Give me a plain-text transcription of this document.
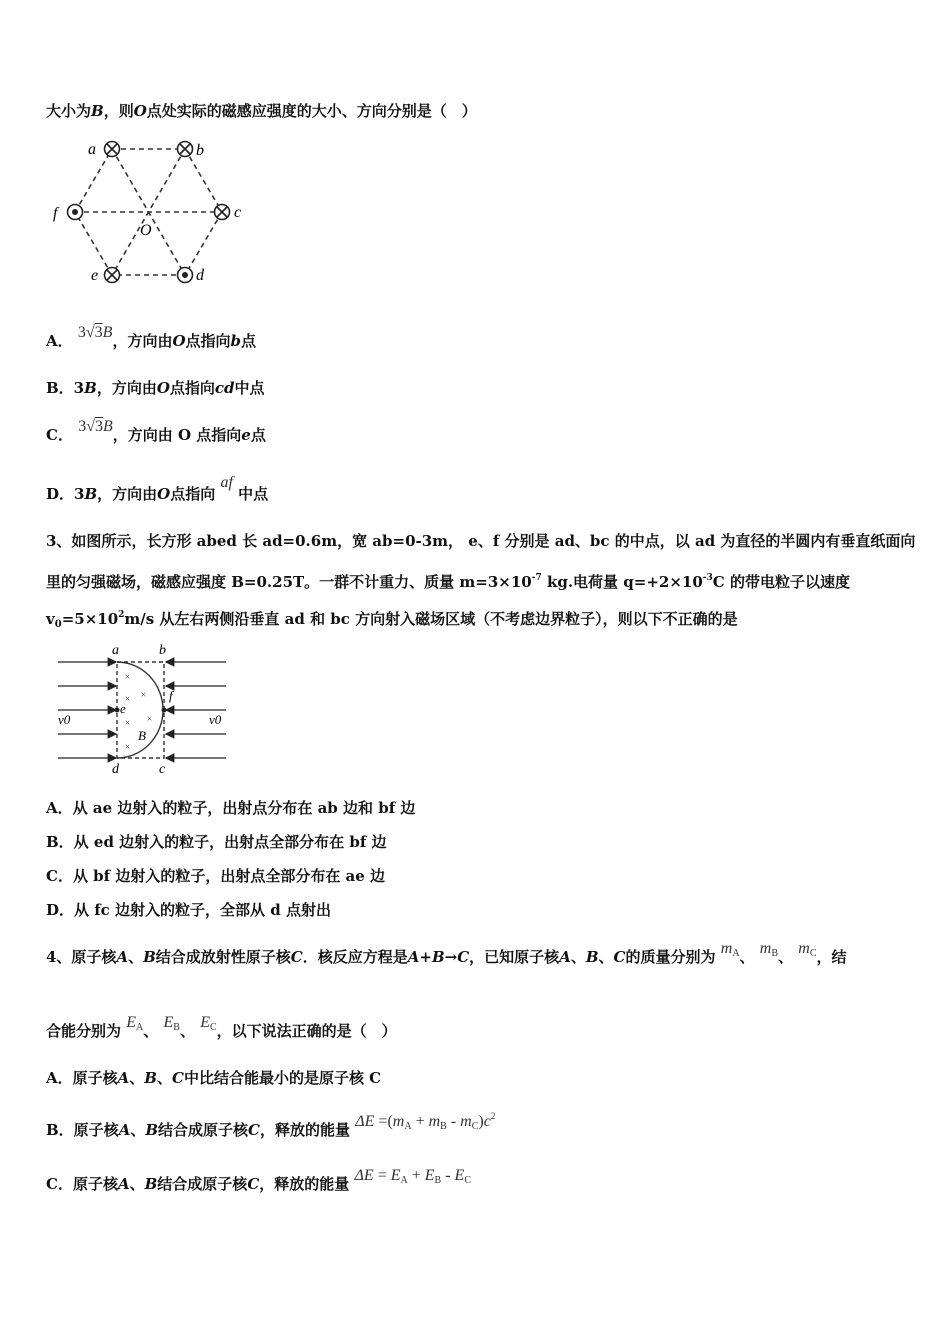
大小为B，则O点处实际的磁感应强度的大小、方向分别是（　）
a	b
c
d
e
f
O
A． 3√3B，方向由O点指向b点
B．3B，方向由O点指向cd中点
C． 3√3B，方向由 O 点指向e点
D．3B，方向由O点指向 af 中点
3、如图所示，长方形 abed 长 ad=0.6m，宽 ab=0-3m， e、f 分别是 ad、bc 的中点，以 ad 为直径的半圆内有垂直纸面向
里的匀强磁场，磁感应强度 B=0.25T。一群不计重力、质量 $m=3\times 10^{-7}$ kg.电荷量 $q=+2\times 10^{-3}C$ 的带电粒子以速度
$v_0=5\times 10^2m/s$ 从左右两侧沿垂直 ad 和 bc 方向射入磁场区域（不考虑边界粒子），则以下不正确的是
×
×
×
× ×
×
a	b
d	c
e
f
B
v0	v0
A．从 ae 边射入的粒子，出射点分布在 ab 边和 bf 边
B．从 ed 边射入的粒子，出射点全部分布在 bf 边
C．从 bf 边射入的粒子，出射点全部分布在 ae 边
D．从 fc 边射入的粒子，全部从 d 点射出
4、原子核A、B结合成放射性原子核C．核反应方程是A+B→C，已知原子核A、B、C的质量分别为 $m_A$、 $m_B$、 $m_C$，结
合能分别为 $E_A$、 $E_B$、 $E_C$，以下说法正确的是（　）
A．原子核A、B、C中比结合能最小的是原子核 C
B．原子核A、B结合成原子核C，释放的能量 $\Delta E =(m_A + m_B - m_C)c^2$
C．原子核A、B结合成原子核C，释放的能量 $\Delta E = E_A + E_B - E_C$
